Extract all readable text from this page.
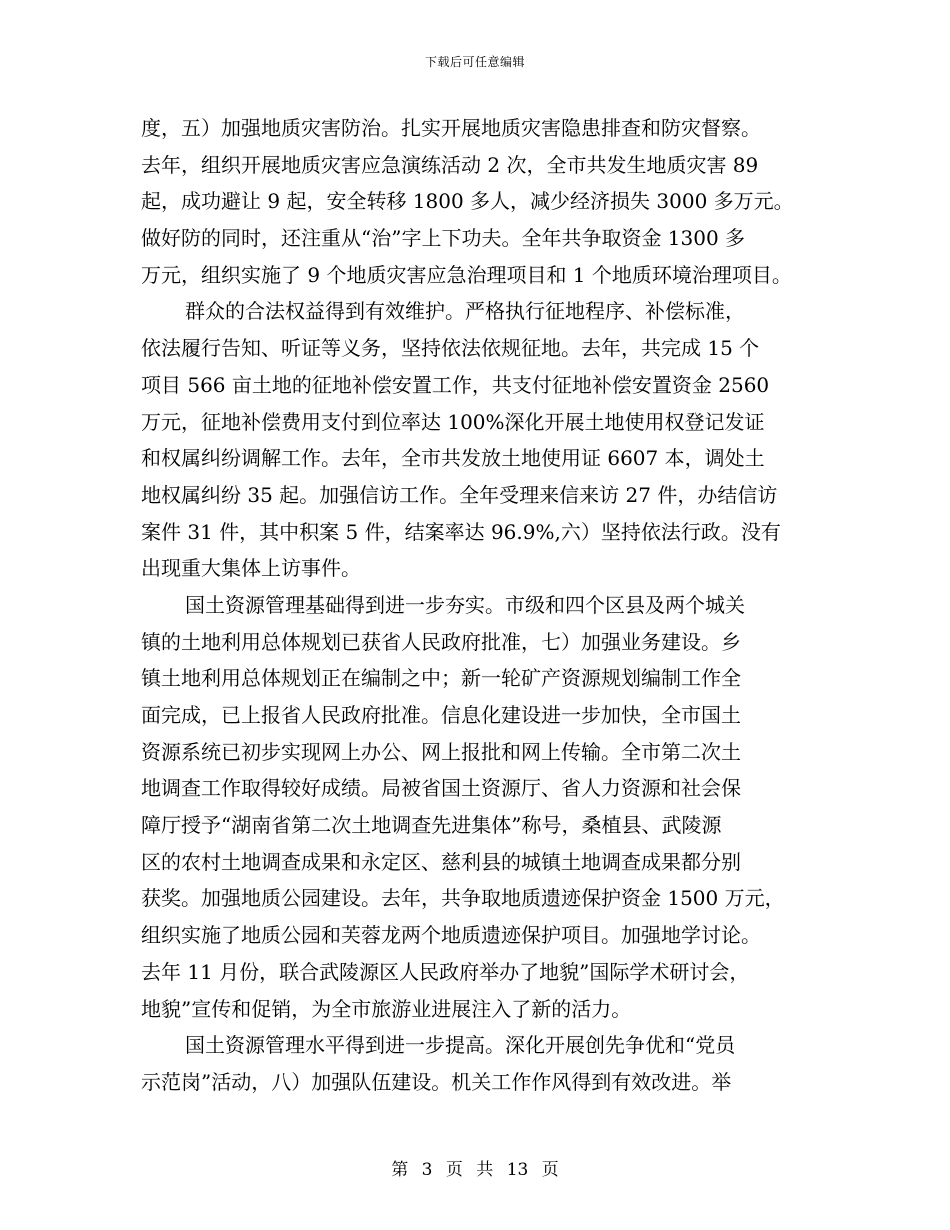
下载后可任意编辑
度，五）加强地质灾害防治。扎实开展地质灾害隐患排查和防灾督察。
去年，组织开展地质灾害应急演练活动 2 次，全市共发生地质灾害 89
起，成功避让 9 起，安全转移 1800 多人，减少经济损失 3000 多万元。
做好防的同时，还注重从“治”字上下功夫。全年共争取资金 1300 多
万元，组织实施了 9 个地质灾害应急治理项目和 1 个地质环境治理项目。
群众的合法权益得到有效维护。严格执行征地程序、补偿标准，
依法履行告知、听证等义务，坚持依法依规征地。去年，共完成 15 个
项目 566 亩土地的征地补偿安置工作，共支付征地补偿安置资金 2560
万元，征地补偿费用支付到位率达 100%深化开展土地使用权登记发证
和权属纠纷调解工作。去年，全市共发放土地使用证 6607 本，调处土
地权属纠纷 35 起。加强信访工作。全年受理来信来访 27 件，办结信访
案件 31 件，其中积案 5 件，结案率达 96.9%,六）坚持依法行政。没有
出现重大集体上访事件。
国土资源管理基础得到进一步夯实。市级和四个区县及两个城关
镇的土地利用总体规划已获省人民政府批准，七）加强业务建设。乡
镇土地利用总体规划正在编制之中；新一轮矿产资源规划编制工作全
面完成，已上报省人民政府批准。信息化建设进一步加快，全市国土
资源系统已初步实现网上办公、网上报批和网上传输。全市第二次土
地调查工作取得较好成绩。局被省国土资源厅、省人力资源和社会保
障厅授予“湖南省第二次土地调查先进集体”称号，桑植县、武陵源
区的农村土地调查成果和永定区、慈利县的城镇土地调查成果都分别
获奖。加强地质公园建设。去年，共争取地质遗迹保护资金 1500 万元，
组织实施了地质公园和芙蓉龙两个地质遗迹保护项目。加强地学讨论。
去年 11 月份，联合武陵源区人民政府举办了地貌”国际学术研讨会，
地貌”宣传和促销，为全市旅游业进展注入了新的活力。
国土资源管理水平得到进一步提高。深化开展创先争优和“党员
示范岗”活动，八）加强队伍建设。机关工作作风得到有效改进。举
第 3 页 共 13 页
